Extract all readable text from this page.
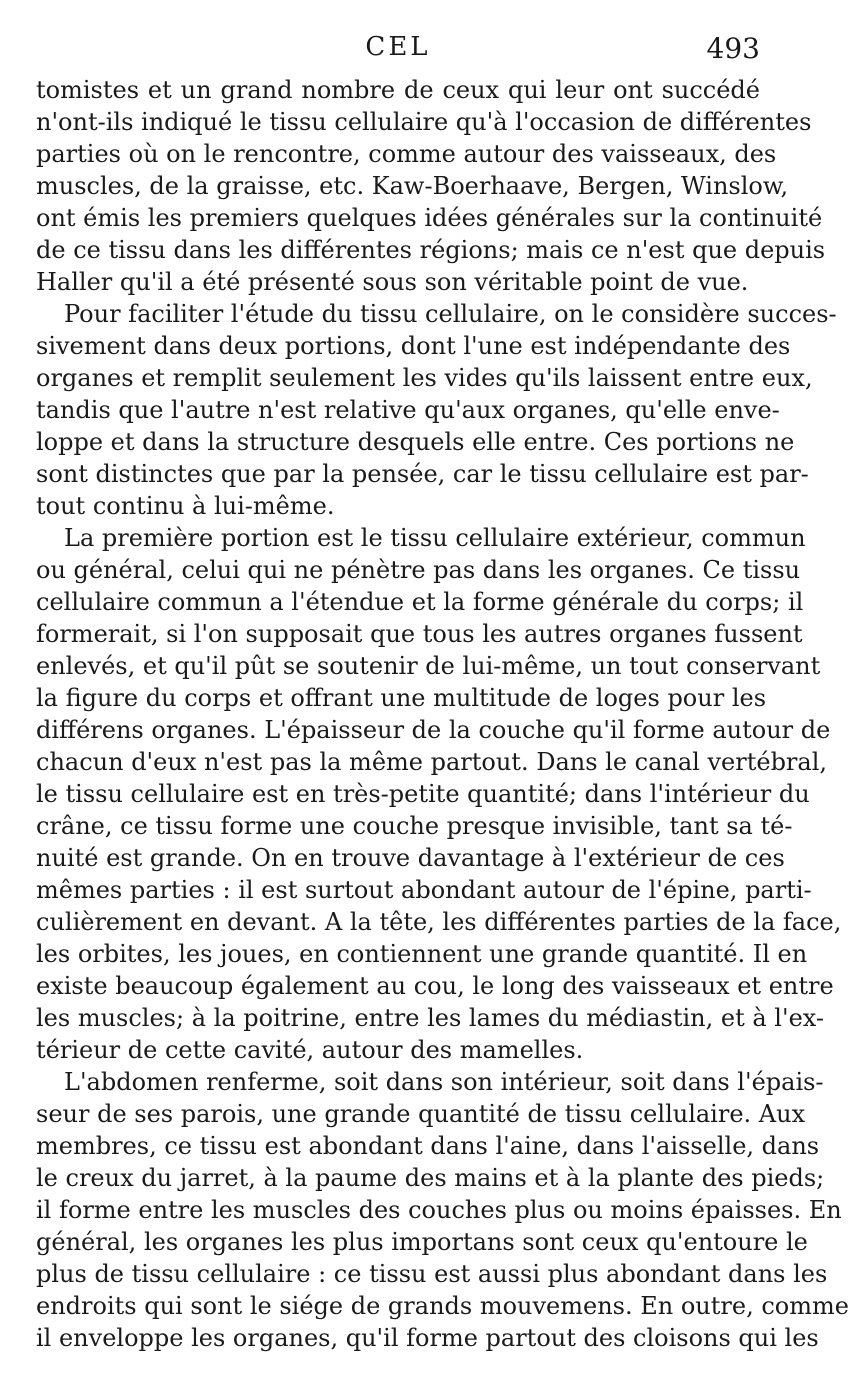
CEL	493
tomistes et un grand nombre de ceux qui leur ont succédé
n'ont-ils indiqué le tissu cellulaire qu'à l'occasion de différentes
parties où on le rencontre, comme autour des vaisseaux, des
muscles, de la graisse, etc. Kaw-Boerhaave, Bergen, Winslow,
ont émis les premiers quelques idées générales sur la continuité
de ce tissu dans les différentes régions; mais ce n'est que depuis
Haller qu'il a été présenté sous son véritable point de vue.
Pour faciliter l'étude du tissu cellulaire, on le considère succes-
sivement dans deux portions, dont l'une est indépendante des
organes et remplit seulement les vides qu'ils laissent entre eux,
tandis que l'autre n'est relative qu'aux organes, qu'elle enve-
loppe et dans la structure desquels elle entre. Ces portions ne
sont distinctes que par la pensée, car le tissu cellulaire est par-
tout continu à lui-même.
La première portion est le tissu cellulaire extérieur, commun
ou général, celui qui ne pénètre pas dans les organes. Ce tissu
cellulaire commun a l'étendue et la forme générale du corps; il
formerait, si l'on supposait que tous les autres organes fussent
enlevés, et qu'il pût se soutenir de lui-même, un tout conservant
la figure du corps et offrant une multitude de loges pour les
différens organes. L'épaisseur de la couche qu'il forme autour de
chacun d'eux n'est pas la même partout. Dans le canal vertébral,
le tissu cellulaire est en très-petite quantité; dans l'intérieur du
crâne, ce tissu forme une couche presque invisible, tant sa té-
nuité est grande. On en trouve davantage à l'extérieur de ces
mêmes parties : il est surtout abondant autour de l'épine, parti-
culièrement en devant. A la tête, les différentes parties de la face,
les orbites, les joues, en contiennent une grande quantité. Il en
existe beaucoup également au cou, le long des vaisseaux et entre
les muscles; à la poitrine, entre les lames du médiastin, et à l'ex-
térieur de cette cavité, autour des mamelles.
L'abdomen renferme, soit dans son intérieur, soit dans l'épais-
seur de ses parois, une grande quantité de tissu cellulaire. Aux
membres, ce tissu est abondant dans l'aine, dans l'aisselle, dans
le creux du jarret, à la paume des mains et à la plante des pieds;
il forme entre les muscles des couches plus ou moins épaisses. En
général, les organes les plus importans sont ceux qu'entoure le
plus de tissu cellulaire : ce tissu est aussi plus abondant dans les
endroits qui sont le siége de grands mouvemens. En outre, comme
il enveloppe les organes, qu'il forme partout des cloisons qui les
